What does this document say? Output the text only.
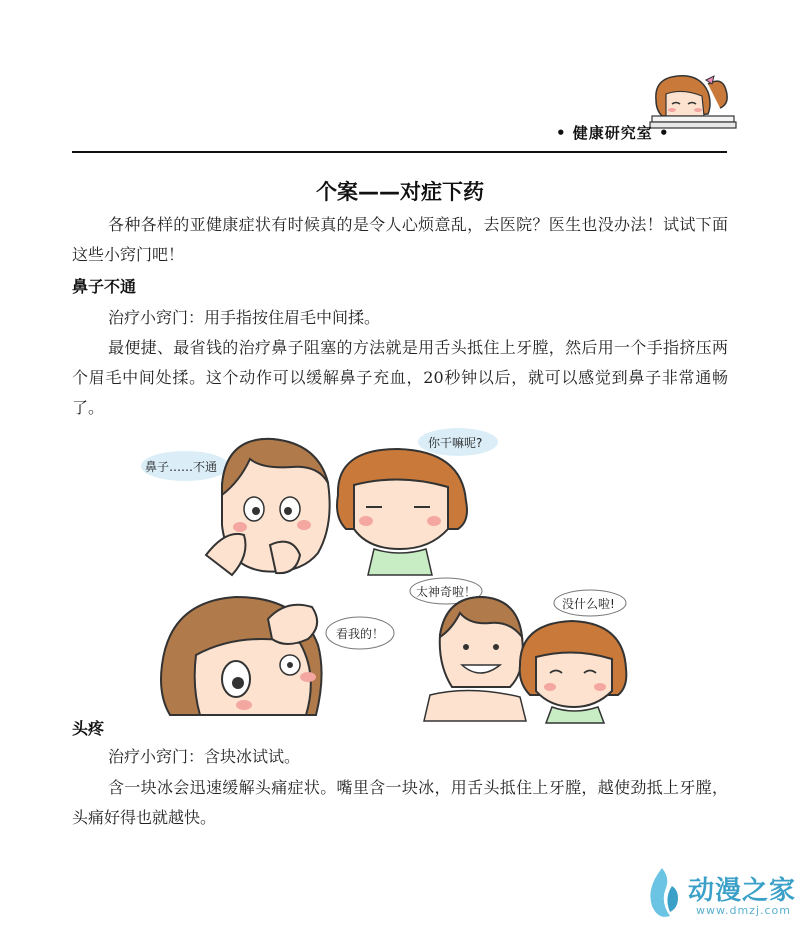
• 健康研究室 •
个案——对症下药

各种各样的亚健康症状有时候真的是令人心烦意乱，去医院？医生也没办法！试试下面这些小窍门吧！

鼻子不通

治疗小窍门：用手指按住眉毛中间揉。

最便捷、最省钱的治疗鼻子阻塞的方法就是用舌头抵住上牙膛，然后用一个手指挤压两个眉毛中间处揉。这个动作可以缓解鼻子充血，20秒钟以后，就可以感觉到鼻子非常通畅了。

鼻子……不通
你干嘛呢?
看我的！
太神奇啦！
没什么啦!
头疼

治疗小窍门：含块冰试试。

含一块冰会迅速缓解头痛症状。嘴里含一块冰，用舌头抵住上牙膛，越使劲抵上牙膛，头痛好得也就越快。

动漫之家
www.dmzj.com
